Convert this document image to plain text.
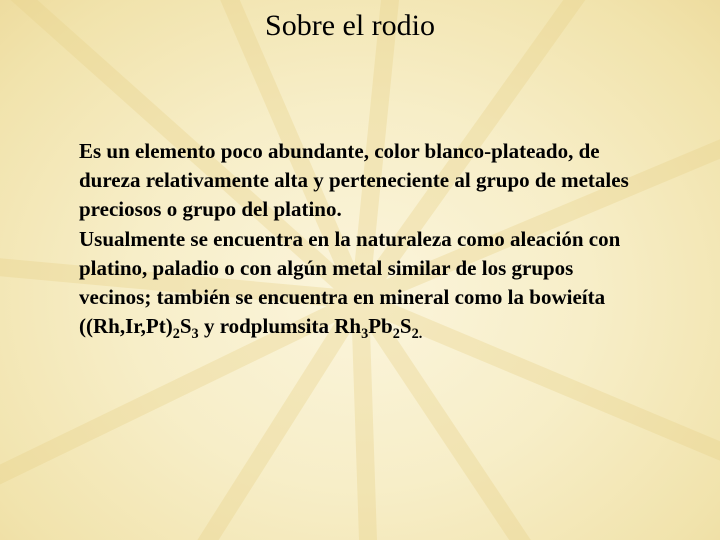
Sobre el rodio

Es un elemento poco abundante, color blanco-plateado, de dureza relativamente alta y perteneciente al grupo de metales preciosos o grupo del platino.

Usualmente se encuentra en la naturaleza como aleación con platino, paladio o con algún metal similar de los grupos vecinos; también se encuentra en mineral como la bowieíta ($(Rh,Ir,Pt)_2S_3$ y rodplumsita $Rh_3Pb_2S_{2.}$
